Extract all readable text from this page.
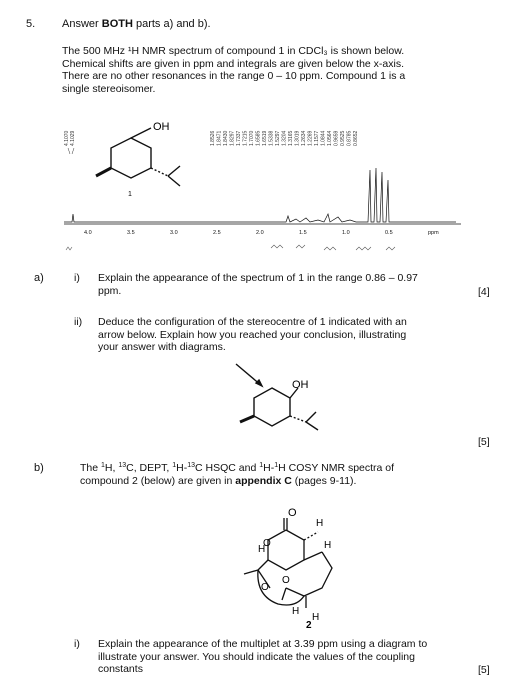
5. Answer BOTH parts a) and b).
The 500 MHz ¹H NMR spectrum of compound 1 in CDCl₃ is shown below.
Chemical shifts are given in ppm and integrals are given below the x-axis.
There are no other resonances in the range 0 – 10 ppm. Compound 1 is a
single stereoisomer.
4.1070 4.1029	1.8526 1.8471 1.8430 1.8297 1.7337 1.7215 1.7070 1.6585 1.6519 1.5338 1.5297 1.3204 1.3165 1.3019 1.2634 1.2269 1.1577 1.0844 1.0564 0.9659 0.9525 0.8785 0.8652
OH
1
4.0	3.5	3.0	2.5	2.0	1.5	1.0	0.5	ppm
a)	i) Explain the appearance of the spectrum of 1 in the range 0.86 – 0.97
ppm.	[4]
ii) Deduce the configuration of the stereocentre of 1 indicated with an
arrow below. Explain how you reached your conclusion, illustrating
your answer with diagrams.
OH
[5]
b)	The $^1$H, $^{13}$C, DEPT, $^1$H-$^{13}$C HSQC and $^1$H-$^1$H COSY NMR spectra of
compound 2 (below) are given in appendix C (pages 9-11).
O
O
O
O
H
H
H
H
H
2
i) Explain the appearance of the multiplet at 3.39 ppm using a diagram to
illustrate your answer. You should indicate the values of the coupling
constants	[5]
